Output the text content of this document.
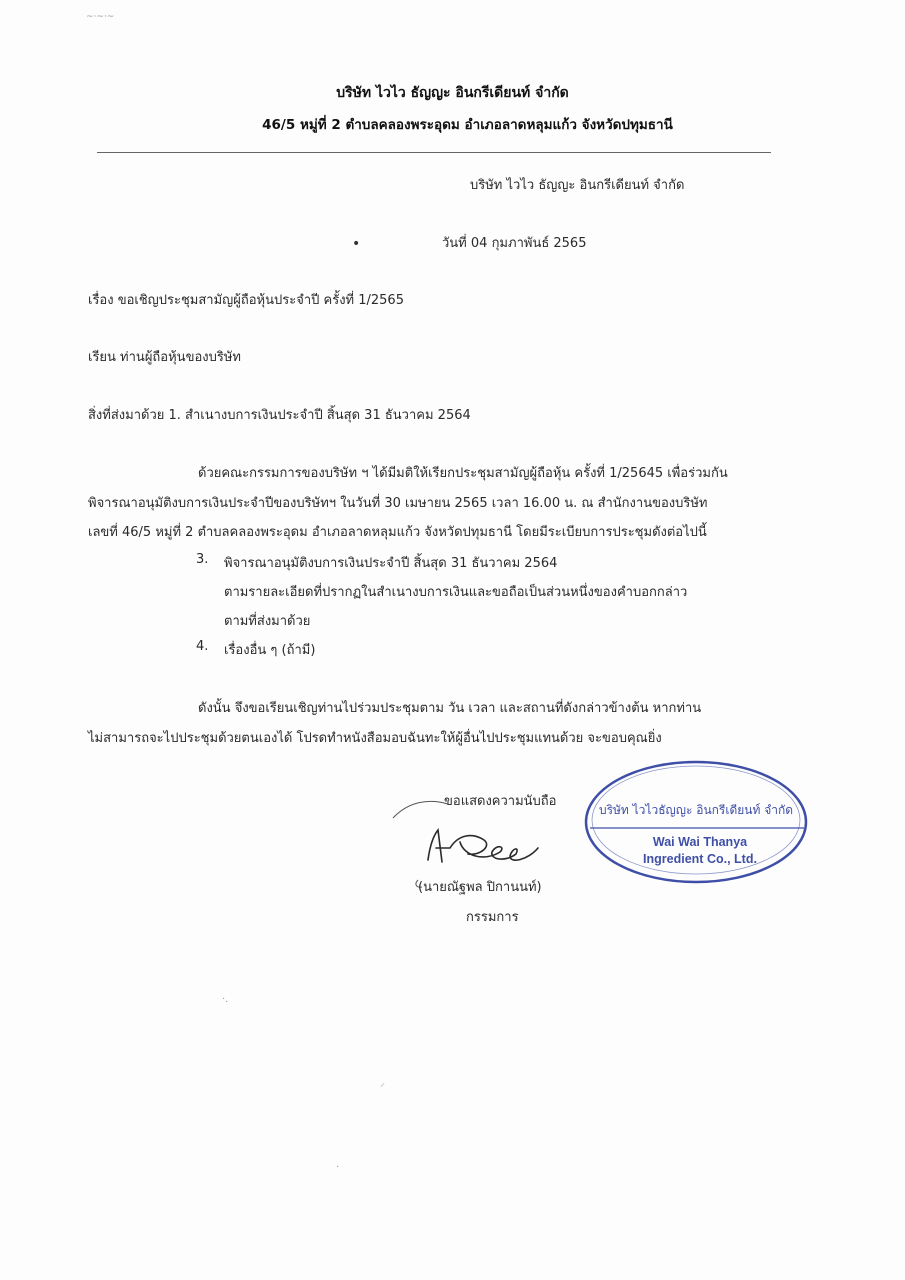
บริษัท ไวไว ธัญญะ อินกรีเดียนท์ จำกัด
46/5 หมู่ที่ 2 ตำบลคลองพระอุดม อำเภอลาดหลุมแก้ว จังหวัดปทุมธานี
บริษัท ไวไว ธัญญะ อินกรีเดียนท์ จำกัด
วันที่ 04 กุมภาพันธ์ 2565
เรื่อง ขอเชิญประชุมสามัญผู้ถือหุ้นประจำปี ครั้งที่ 1/2565
เรียน ท่านผู้ถือหุ้นของบริษัท
สิ่งที่ส่งมาด้วย 1. สำเนางบการเงินประจำปี สิ้นสุด 31 ธันวาคม 2564
ด้วยคณะกรรมการของบริษัท ฯ ได้มีมติให้เรียกประชุมสามัญผู้ถือหุ้น ครั้งที่ 1/25645 เพื่อร่วมกัน
พิจารณาอนุมัติงบการเงินประจำปีของบริษัทฯ ในวันที่ 30 เมษายน 2565 เวลา 16.00 น. ณ สำนักงานของบริษัท
เลขที่ 46/5 หมู่ที่ 2 ตำบลคลองพระอุดม อำเภอลาดหลุมแก้ว จังหวัดปทุมธานี โดยมีระเบียบการประชุมดังต่อไปนี้
3. พิจารณาอนุมัติงบการเงินประจำปี สิ้นสุด 31 ธันวาคม 2564
ตามรายละเอียดที่ปรากฏในสำเนางบการเงินและขอถือเป็นส่วนหนึ่งของคำบอกกล่าว
ตามที่ส่งมาด้วย
4. เรื่องอื่น ๆ (ถ้ามี)
ดังนั้น จึงขอเรียนเชิญท่านไปร่วมประชุมตาม วัน เวลา และสถานที่ดังกล่าวข้างต้น หากท่าน
ไม่สามารถจะไปประชุมด้วยตนเองได้ โปรดทำหนังสือมอบฉันทะให้ผู้อื่นไปประชุมแทนด้วย จะขอบคุณยิ่ง
ขอแสดงความนับถือ
(นายณัฐพล ปิกานนท์)
กรรมการ
บริษัท ไวไวธัญญะ อินกรีเดียนท์ จำกัด
Wai Wai Thanya
Ingredient Co., Ltd.
~·~·~
•
·.
⸝
·
